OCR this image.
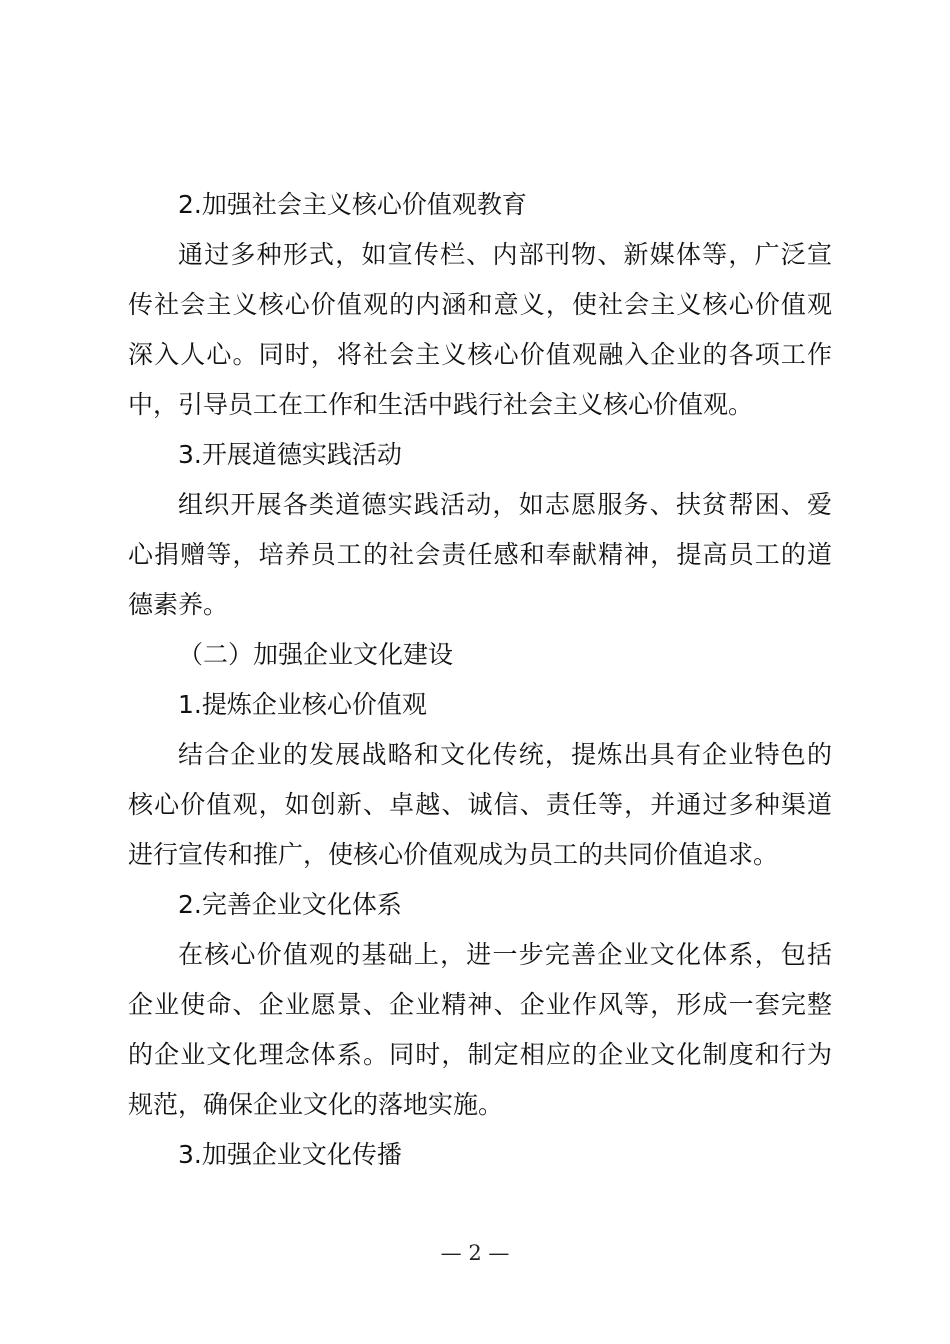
2.加强社会主义核心价值观教育
通过多种形式，如宣传栏、内部刊物、新媒体等，广泛宣
传社会主义核心价值观的内涵和意义，使社会主义核心价值观
深入人心。同时，将社会主义核心价值观融入企业的各项工作
中，引导员工在工作和生活中践行社会主义核心价值观。
3.开展道德实践活动
组织开展各类道德实践活动，如志愿服务、扶贫帮困、爱
心捐赠等，培养员工的社会责任感和奉献精神，提高员工的道
德素养。
（二）加强企业文化建设
1.提炼企业核心价值观
结合企业的发展战略和文化传统，提炼出具有企业特色的
核心价值观，如创新、卓越、诚信、责任等，并通过多种渠道
进行宣传和推广，使核心价值观成为员工的共同价值追求。
2.完善企业文化体系
在核心价值观的基础上，进一步完善企业文化体系，包括
企业使命、企业愿景、企业精神、企业作风等，形成一套完整
的企业文化理念体系。同时，制定相应的企业文化制度和行为
规范，确保企业文化的落地实施。
3.加强企业文化传播
— 2 —
